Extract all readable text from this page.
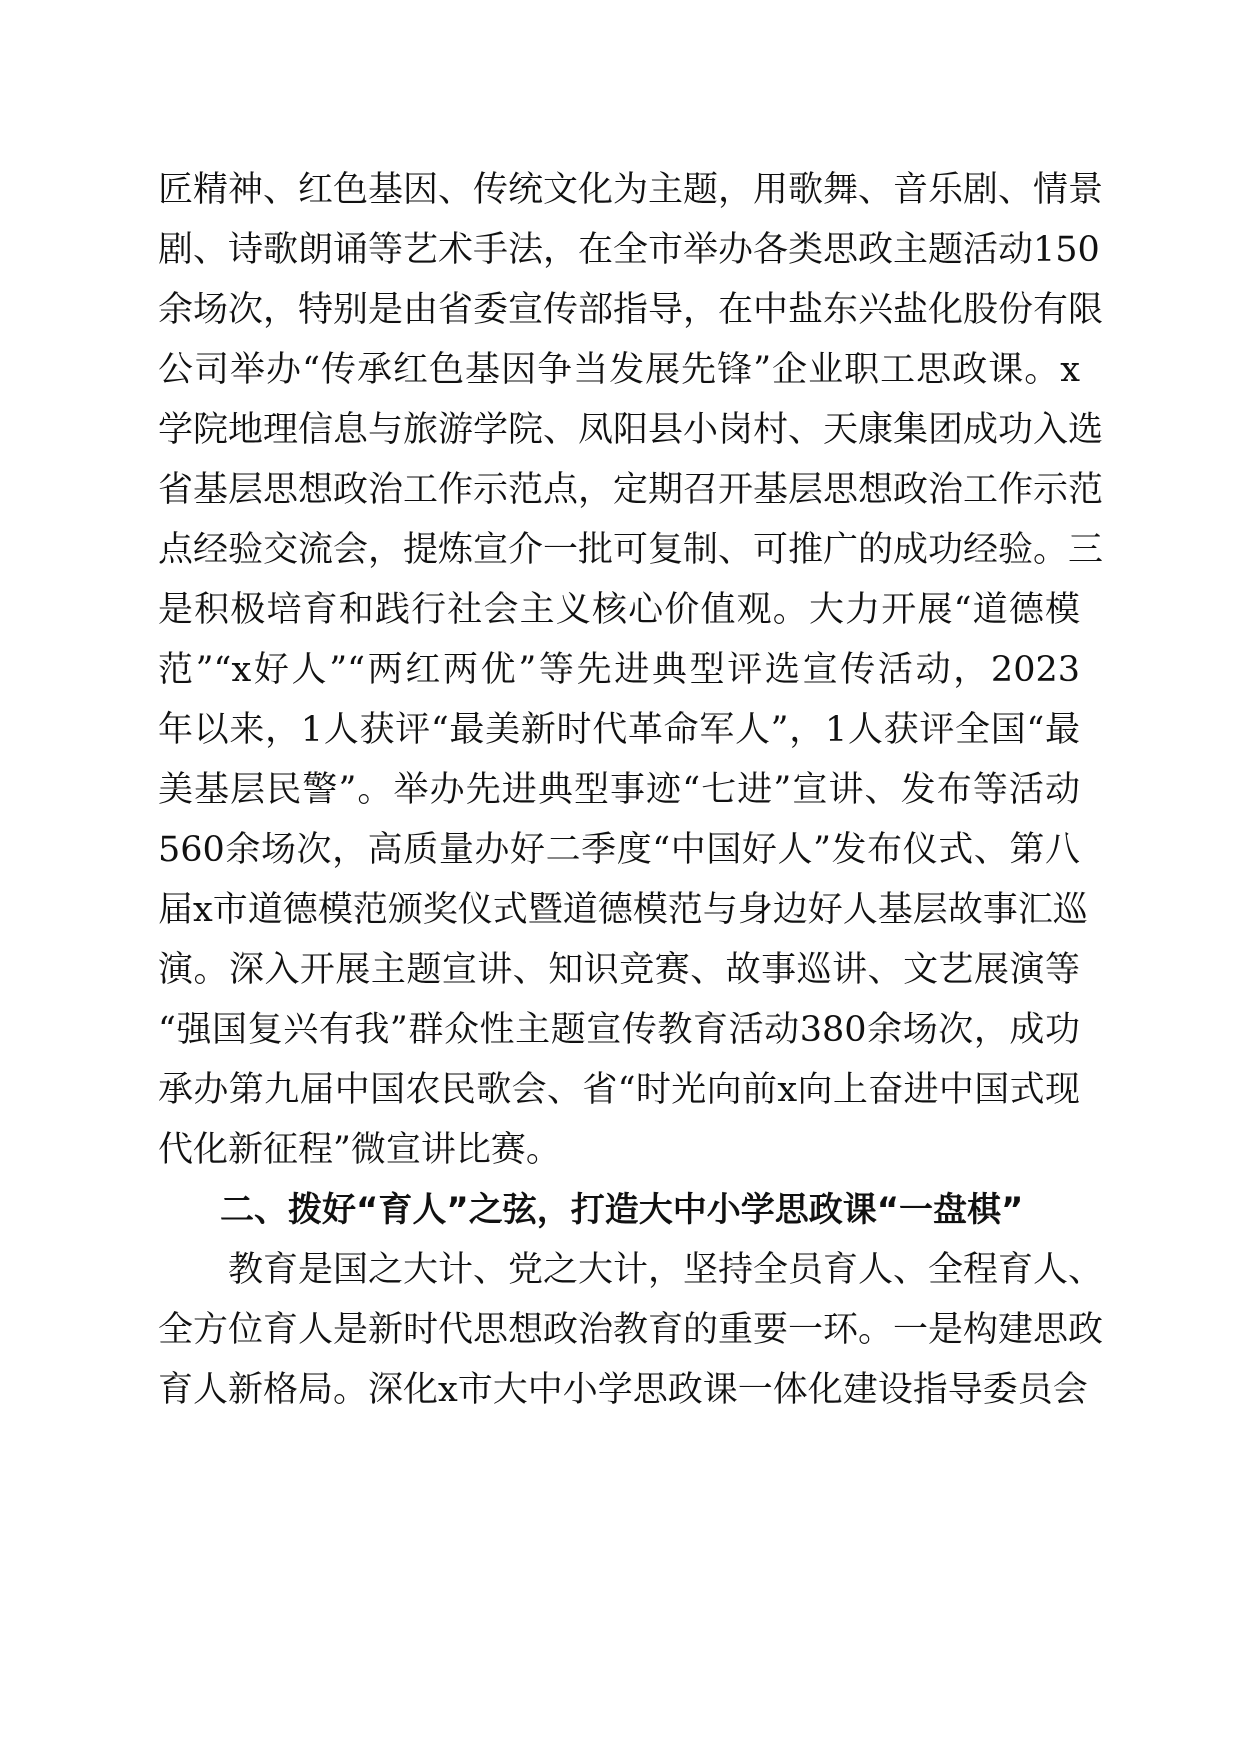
匠精神、红色基因、传统文化为主题，用歌舞、音乐剧、情景
剧、诗歌朗诵等艺术手法，在全市举办各类思政主题活动150
余场次，特别是由省委宣传部指导，在中盐东兴盐化股份有限
公司举办“传承红色基因争当发展先锋”企业职工思政课。x
学院地理信息与旅游学院、凤阳县小岗村、天康集团成功入选
省基层思想政治工作示范点，定期召开基层思想政治工作示范
点经验交流会，提炼宣介一批可复制、可推广的成功经验。三
是积极培育和践行社会主义核心价值观。大力开展“道德模
范”“x好人”“两红两优”等先进典型评选宣传活动，2023
年以来，1人获评“最美新时代革命军人”，1人获评全国“最
美基层民警”。举办先进典型事迹“七进”宣讲、发布等活动
560余场次，高质量办好二季度“中国好人”发布仪式、第八
届x市道德模范颁奖仪式暨道德模范与身边好人基层故事汇巡
演。深入开展主题宣讲、知识竞赛、故事巡讲、文艺展演等
“强国复兴有我”群众性主题宣传教育活动380余场次，成功
承办第九届中国农民歌会、省“时光向前x向上奋进中国式现
代化新征程”微宣讲比赛。
二、拨好“育人”之弦，打造大中小学思政课“一盘棋”
教育是国之大计、党之大计，坚持全员育人、全程育人、
全方位育人是新时代思想政治教育的重要一环。一是构建思政
育人新格局。深化x市大中小学思政课一体化建设指导委员会
